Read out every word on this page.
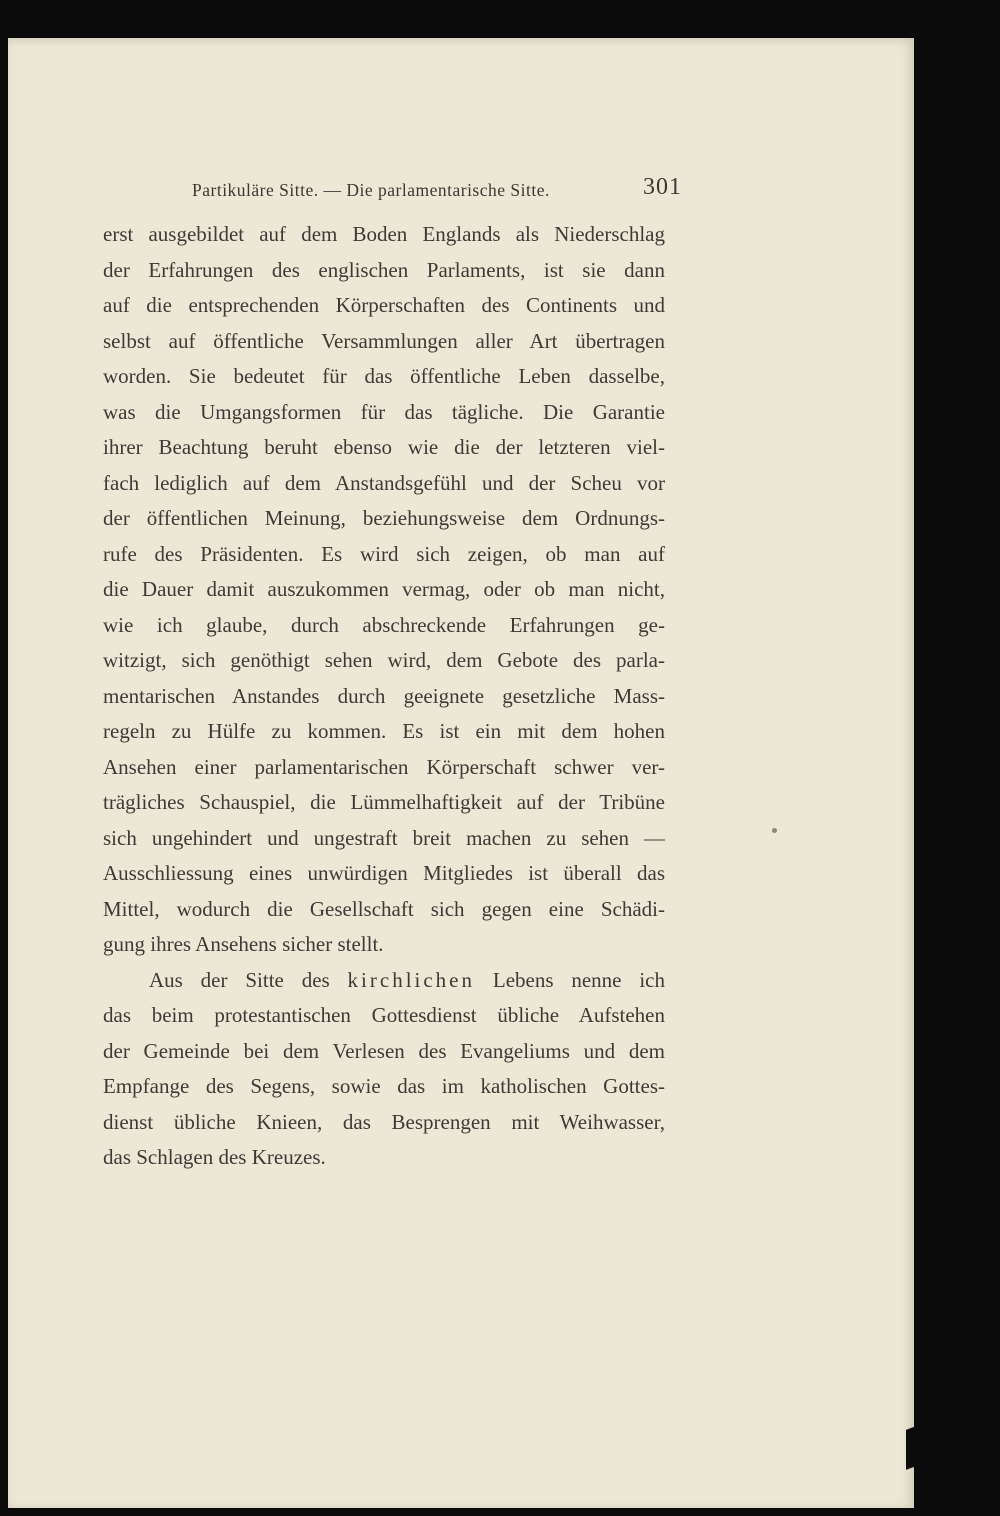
Partikuläre Sitte. — Die parlamentarische Sitte.	301
erst ausgebildet auf dem Boden Englands als Niederschlag
der Erfahrungen des englischen Parlaments, ist sie dann
auf die entsprechenden Körperschaften des Continents und
selbst auf öffentliche Versammlungen aller Art übertragen
worden. Sie bedeutet für das öffentliche Leben dasselbe,
was die Umgangsformen für das tägliche. Die Garantie
ihrer Beachtung beruht ebenso wie die der letzteren viel-
fach lediglich auf dem Anstandsgefühl und der Scheu vor
der öffentlichen Meinung, beziehungsweise dem Ordnungs-
rufe des Präsidenten. Es wird sich zeigen, ob man auf
die Dauer damit auszukommen vermag, oder ob man nicht,
wie ich glaube, durch abschreckende Erfahrungen ge-
witzigt, sich genöthigt sehen wird, dem Gebote des parla-
mentarischen Anstandes durch geeignete gesetzliche Mass-
regeln zu Hülfe zu kommen. Es ist ein mit dem hohen
Ansehen einer parlamentarischen Körperschaft schwer ver-
trägliches Schauspiel, die Lümmelhaftigkeit auf der Tribüne
sich ungehindert und ungestraft breit machen zu sehen —
Ausschliessung eines unwürdigen Mitgliedes ist überall das
Mittel, wodurch die Gesellschaft sich gegen eine Schädi-
gung ihres Ansehens sicher stellt.
Aus der Sitte des kirchlichen Lebens nenne ich
das beim protestantischen Gottesdienst übliche Aufstehen
der Gemeinde bei dem Verlesen des Evangeliums und dem
Empfange des Segens, sowie das im katholischen Gottes-
dienst übliche Knieen, das Besprengen mit Weihwasser,
das Schlagen des Kreuzes.
